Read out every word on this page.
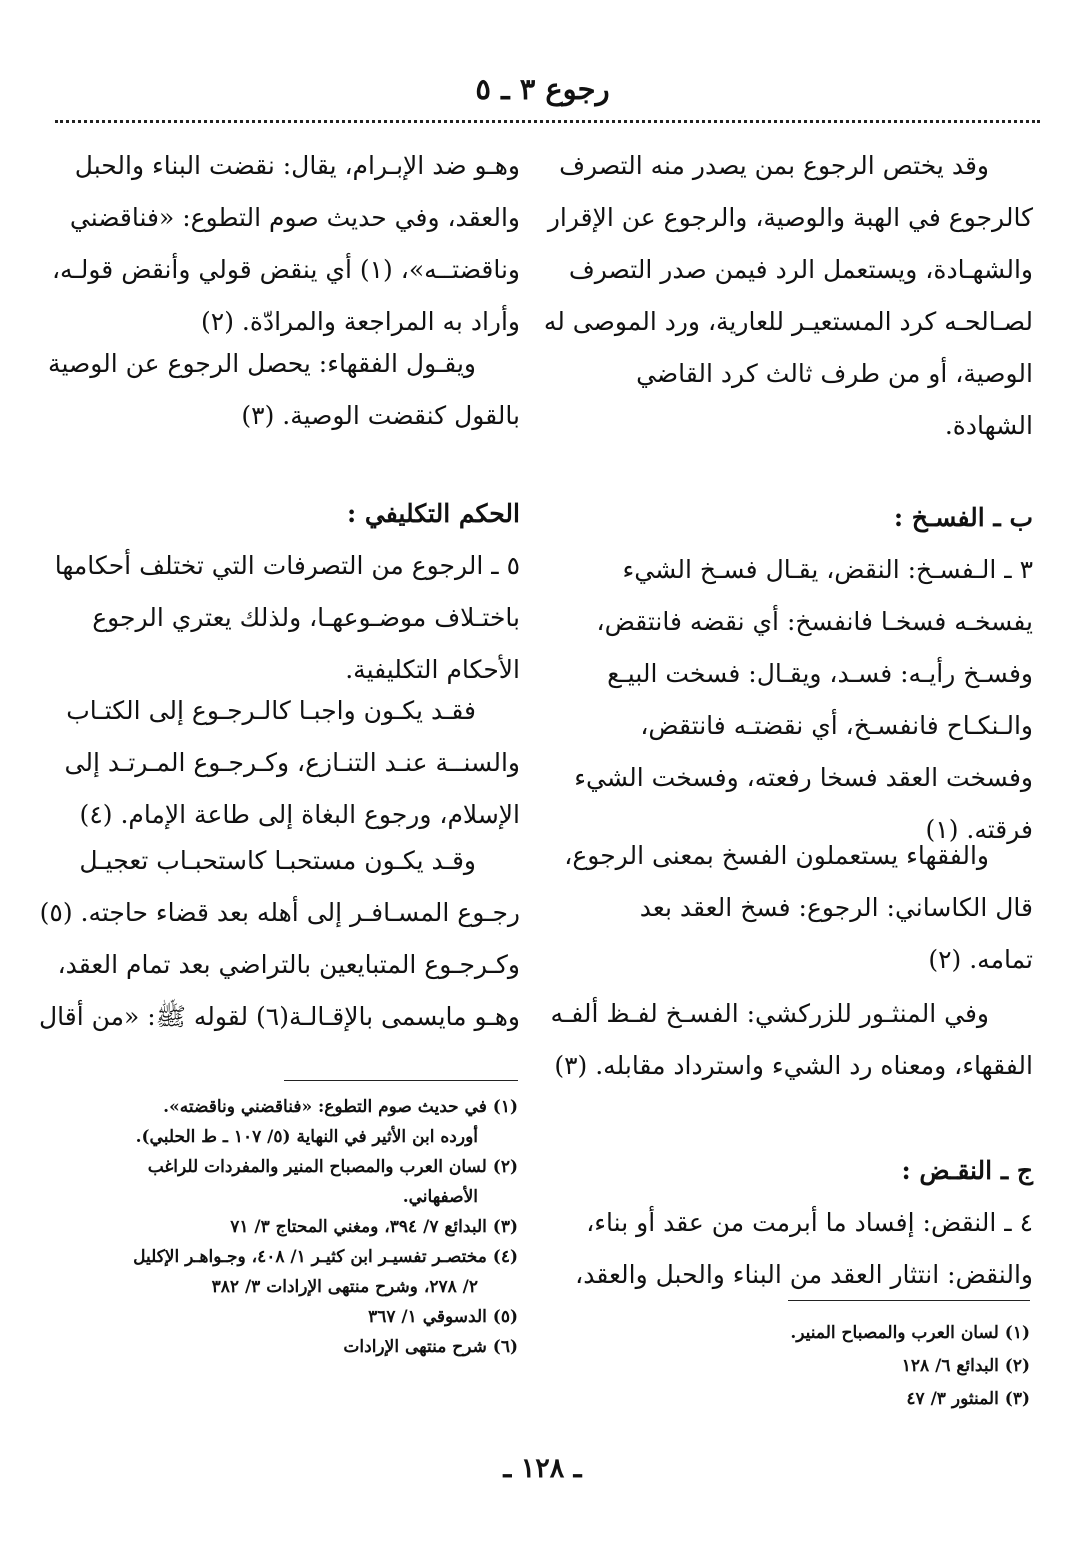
رجوع ٣ ـ ٥
وقد يختص الرجوع بمن يصدر منه التصرف
كالرجوع في الهبة والوصية، والرجوع عن الإقرار
والشهـادة، ويستعمل الرد فيمن صدر التصرف
لصـالحـه كرد المستعيـر للعارية، ورد الموصى له
الوصية، أو من طرف ثالث كرد القاضي
الشهادة.
ب ـ الفسـخ :
٣ ـ الـفسـخ: النقض، يقـال فسـخ الشيء
يفسخـه فسخـا فانفسخ: أي نقضه فانتقض،
وفسـخ رأيـه: فسـد، ويقـال: فسخت البيـع
والـنكـاح فانفسـخ، أي نقضتـه فانتقض،
وفسخت العقد فسخا رفعته، وفسخت الشيء
فرقته. (١)
والفقهاء يستعملون الفسخ بمعنى الرجوع،
قال الكاساني: الرجوع: فسخ العقد بعد
تمامه. (٢)
وفي المنثـور للزركشي: الفسـخ لفـظ ألفـه
الفقهاء، ومعناه رد الشيء واسترداد مقابله. (٣)
ج ـ النقـض :
٤ ـ النقض: إفساد ما أبرمت من عقد أو بناء،
والنقض: انتثار العقد من البناء والحبل والعقد،
وهـو ضد الإبـرام، يقال: نقضت البناء والحبل
والعقد، وفي حديث صوم التطوع: «فناقضني
وناقضتــه»، (١) أي ينقض قولي وأنقض قولـه،
وأراد به المراجعة والمرادّة. (٢)
ويقـول الفقهاء: يحصل الرجوع عن الوصية
بالقول كنقضت الوصية. (٣)
الحكم التكليفي :
٥ ـ الرجوع من التصرفات التي تختلف أحكامها
باختـلاف موضـوعهـا، ولذلك يعتري الرجوع
الأحكام التكليفية.
فقـد يكـون واجبـا كالـرجـوع إلى الكتـاب
والسنــة عنـد التنـازع، وكـرجـوع المـرتـد إلى
الإسلام، ورجوع البغاة إلى طاعة الإمام. (٤)
وقـد يكـون مستحبـا كاستحبـاب تعجيـل
رجـوع المسـافـر إلى أهله بعد قضاء حاجته. (٥)
وكـرجـوع المتبايعين بالتراضي بعد تمام العقد،
وهـو مايسمى بالإقـالـة(٦) لقوله ﷺ: «من أقال
(١) في حديث صوم التطوع: «فناقضني وناقضته».
أورده ابن الأثير في النهاية (٥/ ١٠٧ ـ ط الحلبي).
(٢) لسان العرب والمصباح المنير والمفردات للراغب
الأصفهاني.
(٣) البدائع ٧/ ٣٩٤، ومغني المحتاج ٣/ ٧١
(٤) مختصـر تفسيـر ابن كثيـر ١/ ٤٠٨، وجـواهـر الإكليل
٢/ ٢٧٨، وشرح منتهى الإرادات ٣/ ٣٨٢
(٥) الدسوقي ١/ ٣٦٧
(٦) شرح منتهى الإرادات
(١) لسان العرب والمصباح المنير.
(٢) البدائع ٦/ ١٢٨
(٣) المنثور ٣/ ٤٧
ـ ١٢٨ ـ
